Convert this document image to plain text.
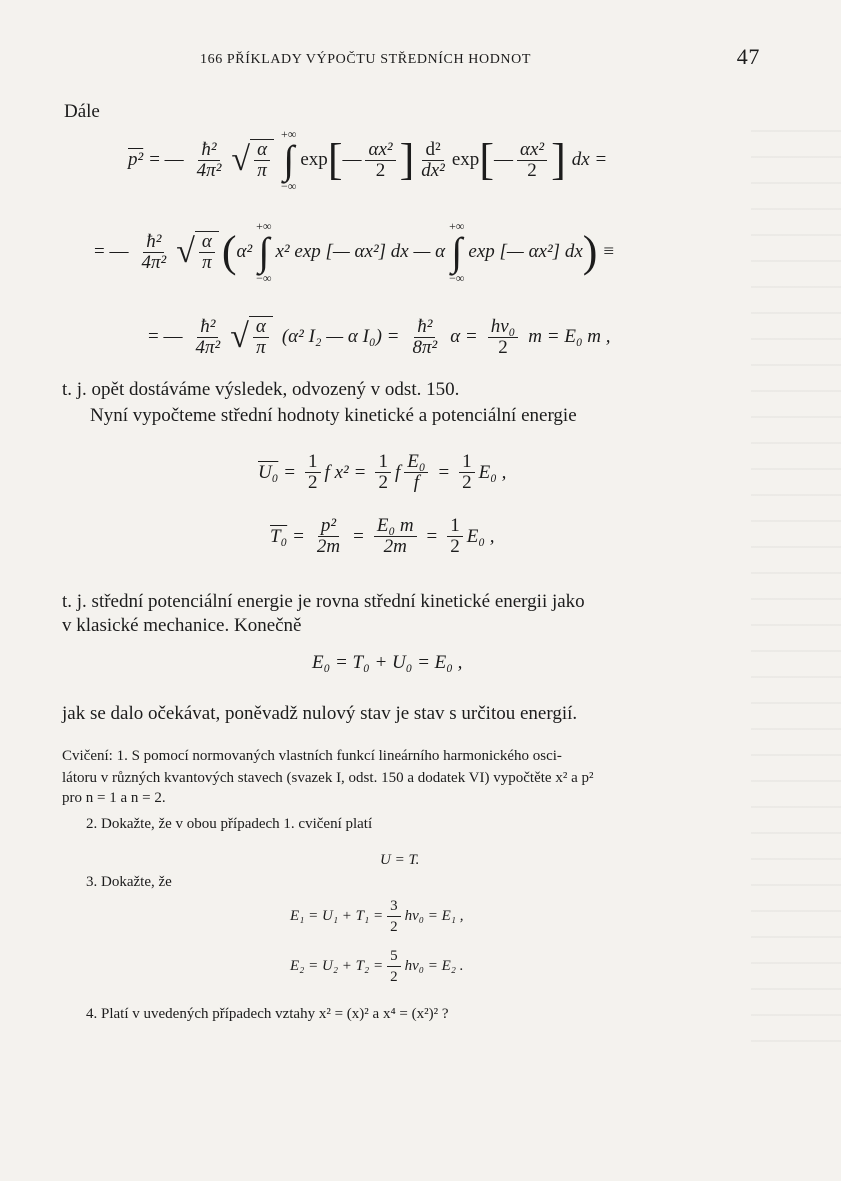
166 PŘÍKLADY VÝPOČTU STŘEDNÍCH HODNOT	47
Dále
p² = — $\frac{\text{ħ²}}{\text{4π²}}$ √ $\frac{\alpha}{\pi}$
+∞
∫
−∞
exp [ — $\frac{\text{αx²}}{2}$ ] $\frac{\text{d²}}{\text{dx²}}$ exp [ — $\frac{\text{αx²}}{2}$ ] dx =
= — $\frac{\text{ħ²}}{\text{4π²}}$ √ $\frac{\alpha}{\pi}$ ( α²
+∞
∫
−∞
x² exp [— αx²] dx — α
+∞
∫
−∞
exp [— αx²] dx ) ≡
= — $\frac{\text{ħ²}}{\text{4π²}}$ √ $\frac{\alpha}{\pi} (\alpha^2$ I₂ — α $I_0) = \frac{\text{ħ²}}{\text{8π²}}$ $\alpha = \frac{\text{hν₀}}{2}$ m = E₀ m ,
t. j. opět dostáváme výsledek, odvozený v odst. 150.
Nyní vypočteme střední hodnoty kinetické a potenciální energie
$U_0 = \frac{1}{2}$ f $x^2 = \frac{1}{2}$ f $\frac{\text{E₀}}{f} = \frac{1}{2} E_0$ ,
$T_0 = \frac{\text{p²}}{2m} = \frac{\text{E₀ m}}{2m} = \frac{1}{2} E_0$ ,
t. j. střední potenciální energie je rovna střední kinetické energii jako
v klasické mechanice. Konečně
E₀ = T₀ + U₀ = E₀ ,
jak se dalo očekávat, poněvadž nulový stav je stav s určitou energií.
Cvičení: 1. S pomocí normovaných vlastních funkcí lineárního harmonického osci-
látoru v různých kvantových stavech (svazek I, odst. 150 a dodatek VI) vypočtěte x² a p²
pro n = 1 a n = 2.
2. Dokažte, že v obou případech 1. cvičení platí
U = T.
3. Dokažte, že
$E_1 = U_1 + T_1 = \frac{3}{2} h\nu_0 = E_1$ ,
$E_2 = U_2 + T_2 = \frac{5}{2} h\nu_0 = E_2$ .
4. Platí v uvedených případech vztahy x² = (x)² a x⁴ = (x²)² ?
